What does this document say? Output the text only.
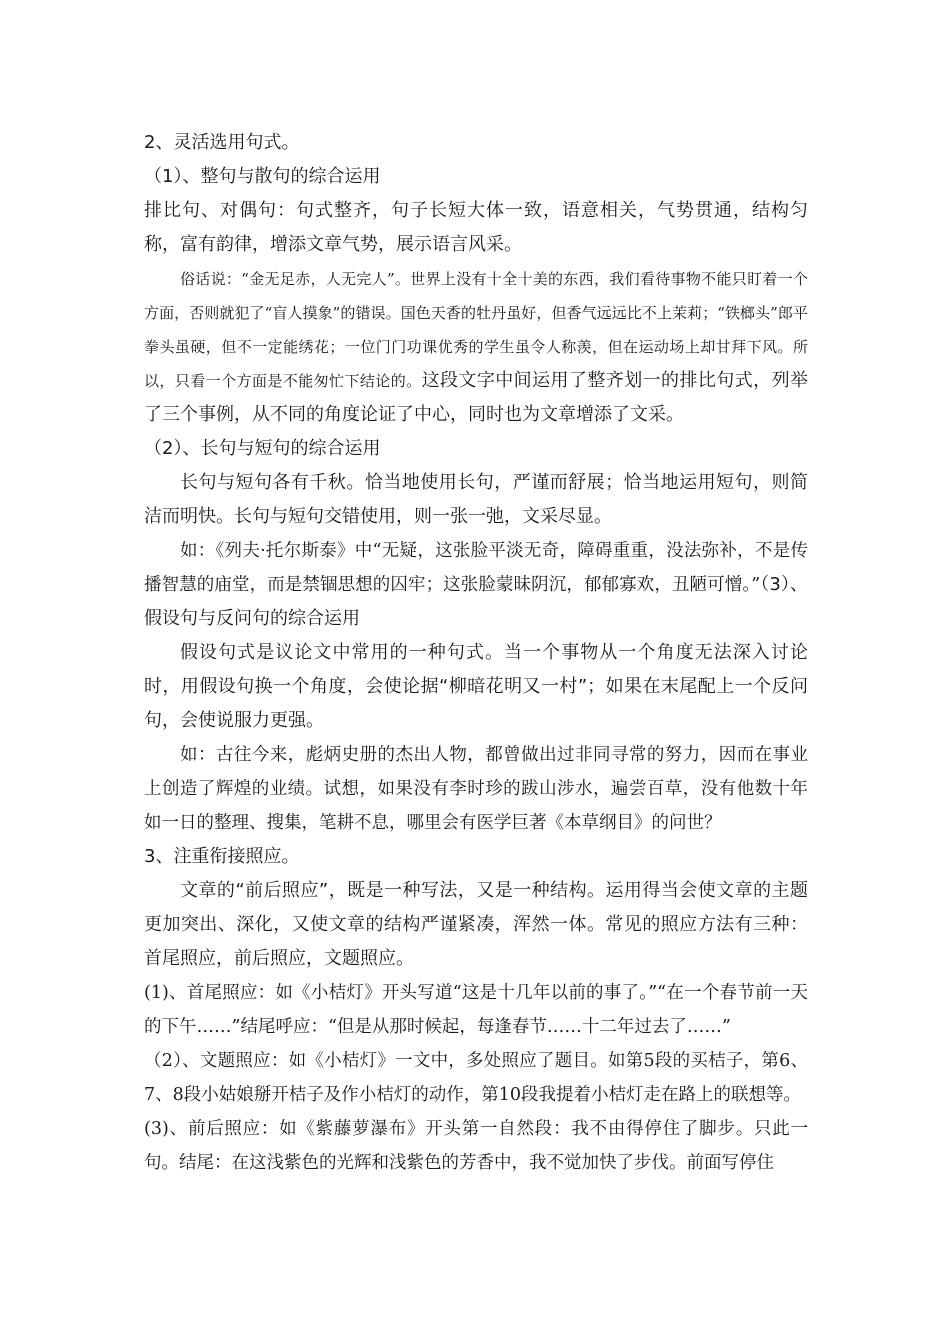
2、灵活选用句式。

（1）、整句与散句的综合运用

排比句、对偶句：句式整齐，句子长短大体一致，语意相关，气势贯通，结构匀称，富有韵律，增添文章气势，展示语言风采。

俗话说：“金无足赤，人无完人”。世界上没有十全十美的东西，我们看待事物不能只盯着一个方面，否则就犯了“盲人摸象”的错误。国色天香的牡丹虽好，但香气远远比不上茉莉；“铁榔头”郎平拳头虽硬，但不一定能绣花；一位门门功课优秀的学生虽令人称羡，但在运动场上却甘拜下风。所以，只看一个方面是不能匆忙下结论的。这段文字中间运用了整齐划一的排比句式，列举了三个事例，从不同的角度论证了中心，同时也为文章增添了文采。

（2）、长句与短句的综合运用

长句与短句各有千秋。恰当地使用长句，严谨而舒展；恰当地运用短句，则简洁而明快。长句与短句交错使用，则一张一弛，文采尽显。

如：《列夫·托尔斯泰》中“无疑，这张脸平淡无奇，障碍重重，没法弥补，不是传播智慧的庙堂，而是禁锢思想的囚牢；这张脸蒙昧阴沉，郁郁寡欢，丑陋可憎。”（3）、假设句与反问句的综合运用

假设句式是议论文中常用的一种句式。当一个事物从一个角度无法深入讨论时，用假设句换一个角度，会使论据“柳暗花明又一村”；如果在末尾配上一个反问句，会使说服力更强。

如：古往今来，彪炳史册的杰出人物，都曾做出过非同寻常的努力，因而在事业上创造了辉煌的业绩。试想，如果没有李时珍的跋山涉水，遍尝百草，没有他数十年如一日的整理、搜集，笔耕不息，哪里会有医学巨著《本草纲目》的问世？

3、注重衔接照应。

文章的“前后照应”，既是一种写法，又是一种结构。运用得当会使文章的主题更加突出、深化，又使文章的结构严谨紧凑，浑然一体。常见的照应方法有三种：首尾照应，前后照应，文题照应。

(1)、首尾照应：如《小桔灯》开头写道“这是十几年以前的事了。”“在一个春节前一天的下午……”结尾呼应：“但是从那时候起，每逢春节……十二年过去了……”

（2）、文题照应：如《小桔灯》一文中，多处照应了题目。如第5段的买桔子，第6、7、8段小姑娘掰开桔子及作小桔灯的动作，第10段我提着小桔灯走在路上的联想等。

(3)、前后照应：如《紫藤萝瀑布》开头第一自然段：我不由得停住了脚步。只此一句。结尾：在这浅紫色的光辉和浅紫色的芳香中，我不觉加快了步伐。前面写停住
